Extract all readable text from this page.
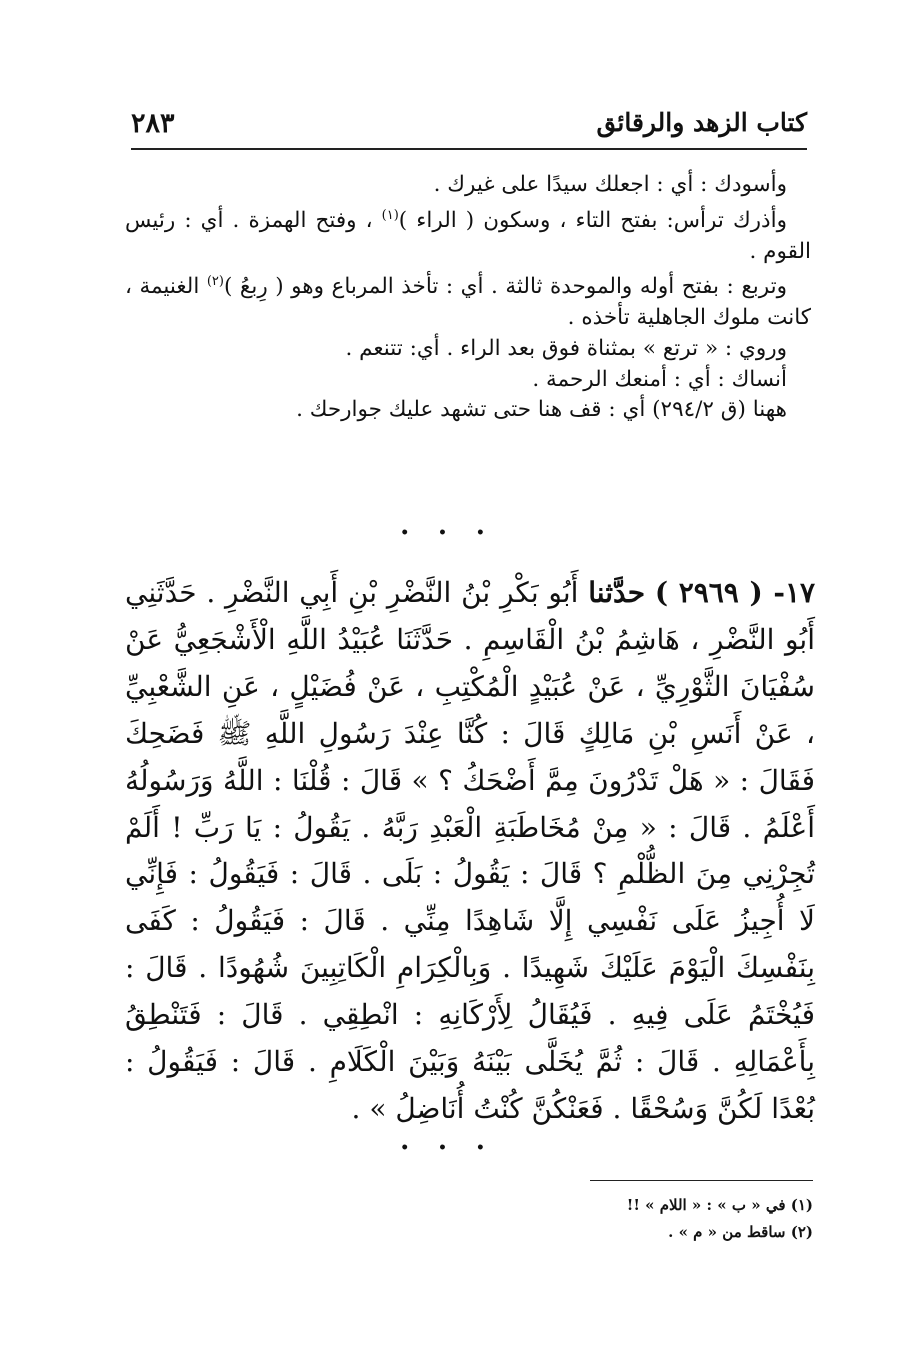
كتاب الزهد والرقائق
٢٨٣

وأسودك : أي : اجعلك سيدًا على غيرك .

وأذرك ترأس: بفتح التاء ، وسكون ( الراء )$^{(١)}$ ، وفتح الهمزة . أي : رئيس القوم .

وتربع : بفتح أوله والموحدة ثالثة . أي : تأخذ المرباع وهو ( رِبعُ )$^{(٢)}$ الغنيمة ، كانت ملوك الجاهلية تأخذه .

وروي : « ترتع » بمثناة فوق بعد الراء . أي: تتنعم .

أنساك : أي : أمنعك الرحمة .

ههنا (ق ٢٩٤/٢) أي : قف هنا حتى تشهد عليك جوارحك .

• • •

١٧- ( ٢٩٦٩ ) حدَّثنا أَبُو بَكْرِ بْنُ النَّضْرِ بْنِ أَبِي النَّضْرِ . حَدَّثَنِي أَبُو النَّضْرِ ، هَاشِمُ بْنُ الْقَاسِمِ . حَدَّثَنَا عُبَيْدُ اللَّهِ الْأَشْجَعِيُّ عَنْ سُفْيَانَ الثَّوْرِيِّ ، عَنْ عُبَيْدٍ الْمُكْتِبِ ، عَنْ فُضَيْلٍ ، عَنِ الشَّعْبِيِّ ، عَنْ أَنَسِ بْنِ مَالِكٍ قَالَ : كُنَّا عِنْدَ رَسُولِ اللَّهِ ﷺ فَضَحِكَ فَقَالَ : « هَلْ تَدْرُونَ مِمَّ أَضْحَكُ ؟ » قَالَ : قُلْنَا : اللَّهُ وَرَسُولُهُ أَعْلَمُ . قَالَ : « مِنْ مُخَاطَبَةِ الْعَبْدِ رَبَّهُ . يَقُولُ : يَا رَبِّ ! أَلَمْ تُجِرْنِي مِنَ الظُّلْمِ ؟ قَالَ : يَقُولُ : بَلَى . قَالَ : فَيَقُولُ : فَإِنِّي لَا أُجِيزُ عَلَى نَفْسِي إِلَّا شَاهِدًا مِنِّي . قَالَ : فَيَقُولُ : كَفَى بِنَفْسِكَ الْيَوْمَ عَلَيْكَ شَهِيدًا . وَبِالْكِرَامِ الْكَاتِبِينَ شُهُودًا . قَالَ : فَيُخْتَمُ عَلَى فِيهِ . فَيُقَالُ لِأَرْكَانِهِ : انْطِقِي . قَالَ : فَتَنْطِقُ بِأَعْمَالِهِ . قَالَ : ثُمَّ يُخَلَّى بَيْنَهُ وَبَيْنَ الْكَلَامِ . قَالَ : فَيَقُولُ : بُعْدًا لَكُنَّ وَسُحْقًا . فَعَنْكُنَّ كُنْتُ أُنَاضِلُ » .

• • •
(١) في « ب » : « اللام » !!
(٢) ساقط من « م » .
